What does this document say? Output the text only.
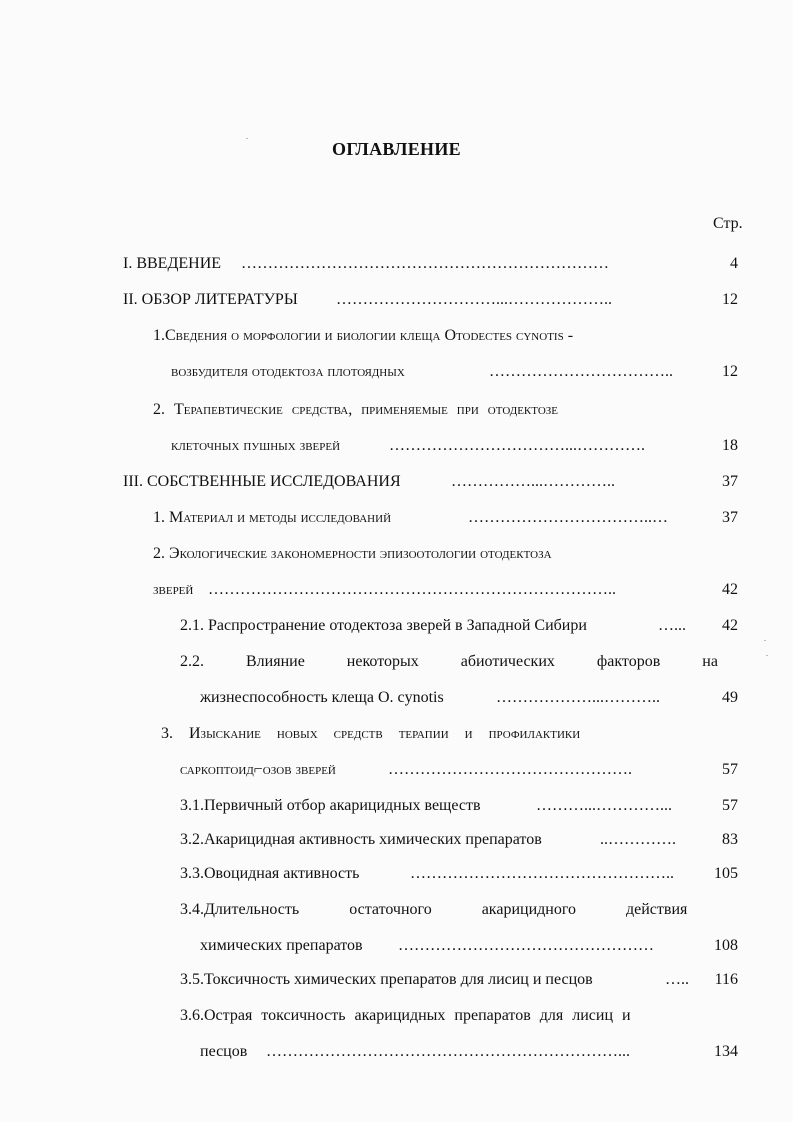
ОГЛАВЛЕНИЕ
Стр.
I. ВВЕДЕНИЕ ……………………………………………………………	4
II. ОБЗОР ЛИТЕРАТУРЫ …………………………...………………..	12
1.Сведения о морфологии и биологии клеща Otodectes cynotis -
возбудителя отодектоза плотоядных	……………………………..	12
2. Терапевтические средства, применяемые при отодектозе
клеточных пушных зверей	……………………………...………….	18
III. СОБСТВЕННЫЕ ИССЛЕДОВАНИЯ	……………...…………..	37
1. Материал и методы исследований	……………………………..…	37
2. Экологические закономерности эпизоотологии отодектоза
зверей …………………………………………………………………..	42
2.1. Распространение отодектоза зверей в Западной Сибири	…...	42
2.2. Влияние некоторых абиотических факторов на
жизнеспособность клеща O. cynotis	………………...………..	49
3. Изыскание новых средств терапии и профилактики
саркоптоид⌐озов зверей	……………………………………….	57
3.1.Первичный отбор акарицидных веществ	………...…………...	57
3.2.Акарицидная активность химических препаратов	..………….	83
3.3.Овоцидная активность	…………………………………………..	105
3.4.Длительность остаточного акарицидного действия
химических препаратов …………………………………………	108
3.5.Токсичность химических препаратов для лисиц и песцов	…..	116
3.6.Острая токсичность акарицидных препаратов для лисиц и
песцов …………………………………………………………...	134
